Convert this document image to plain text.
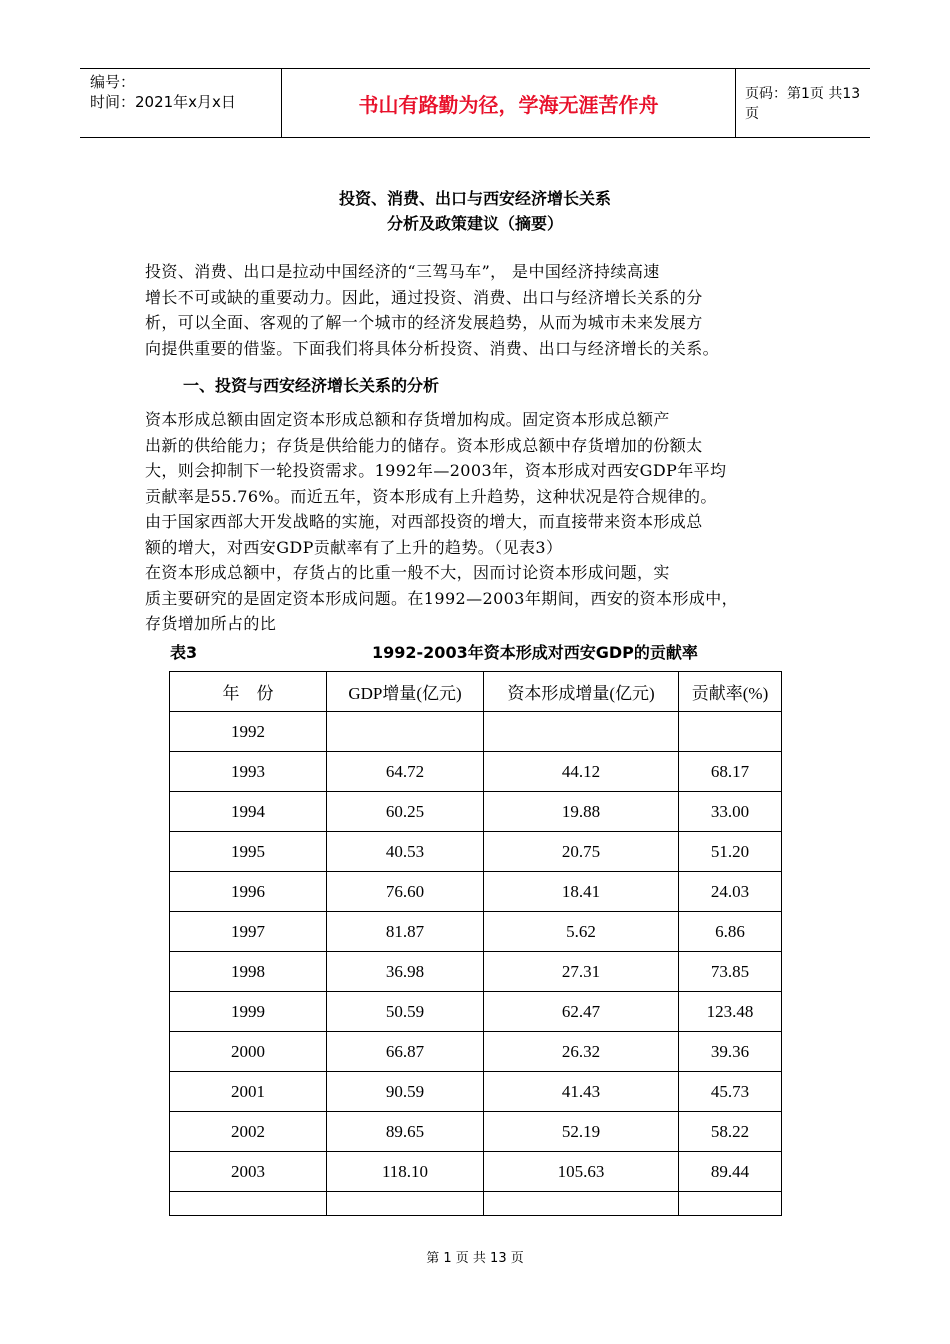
编号：
时间：2021年x月x日	书山有路勤为径，学海无涯苦作舟	页码：第1页 共13页
投资、消费、出口与西安经济增长关系
分析及政策建议（摘要）
投资、消费、出口是拉动中国经济的“三驾马车”， 是中国经济持续高速
增长不可或缺的重要动力。因此，通过投资、消费、出口与经济增长关系的分
析，可以全面、客观的了解一个城市的经济发展趋势，从而为城市未来发展方
向提供重要的借鉴。下面我们将具体分析投资、消费、出口与经济增长的关系。
一、投资与西安经济增长关系的分析
资本形成总额由固定资本形成总额和存货增加构成。固定资本形成总额产
出新的供给能力；存货是供给能力的储存。资本形成总额中存货增加的份额太
大，则会抑制下一轮投资需求。1992年—2003年，资本形成对西安GDP年平均
贡献率是55.76%。而近五年，资本形成有上升趋势，这种状况是符合规律的。
由于国家西部大开发战略的实施，对西部投资的增大，而直接带来资本形成总
额的增大，对西安GDP贡献率有了上升的趋势。（见表3）
在资本形成总额中，存货占的比重一般不大，因而讨论资本形成问题，实
质主要研究的是固定资本形成问题。在1992—2003年期间，西安的资本形成中，
存货增加所占的比
表3	1992-2003年资本形成对西安GDP的贡献率
年    份	GDP增量(亿元)	资本形成增量(亿元)	贡献率(%)
1992			
1993	64.72	44.12	68.17
1994	60.25	19.88	33.00
1995	40.53	20.75	51.20
1996	76.60	18.41	24.03
1997	81.87	5.62	6.86
1998	36.98	27.31	73.85
1999	50.59	62.47	123.48
2000	66.87	26.32	39.36
2001	90.59	41.43	45.73
2002	89.65	52.19	58.22
2003	118.10	105.63	89.44

第 1 页 共 13 页
